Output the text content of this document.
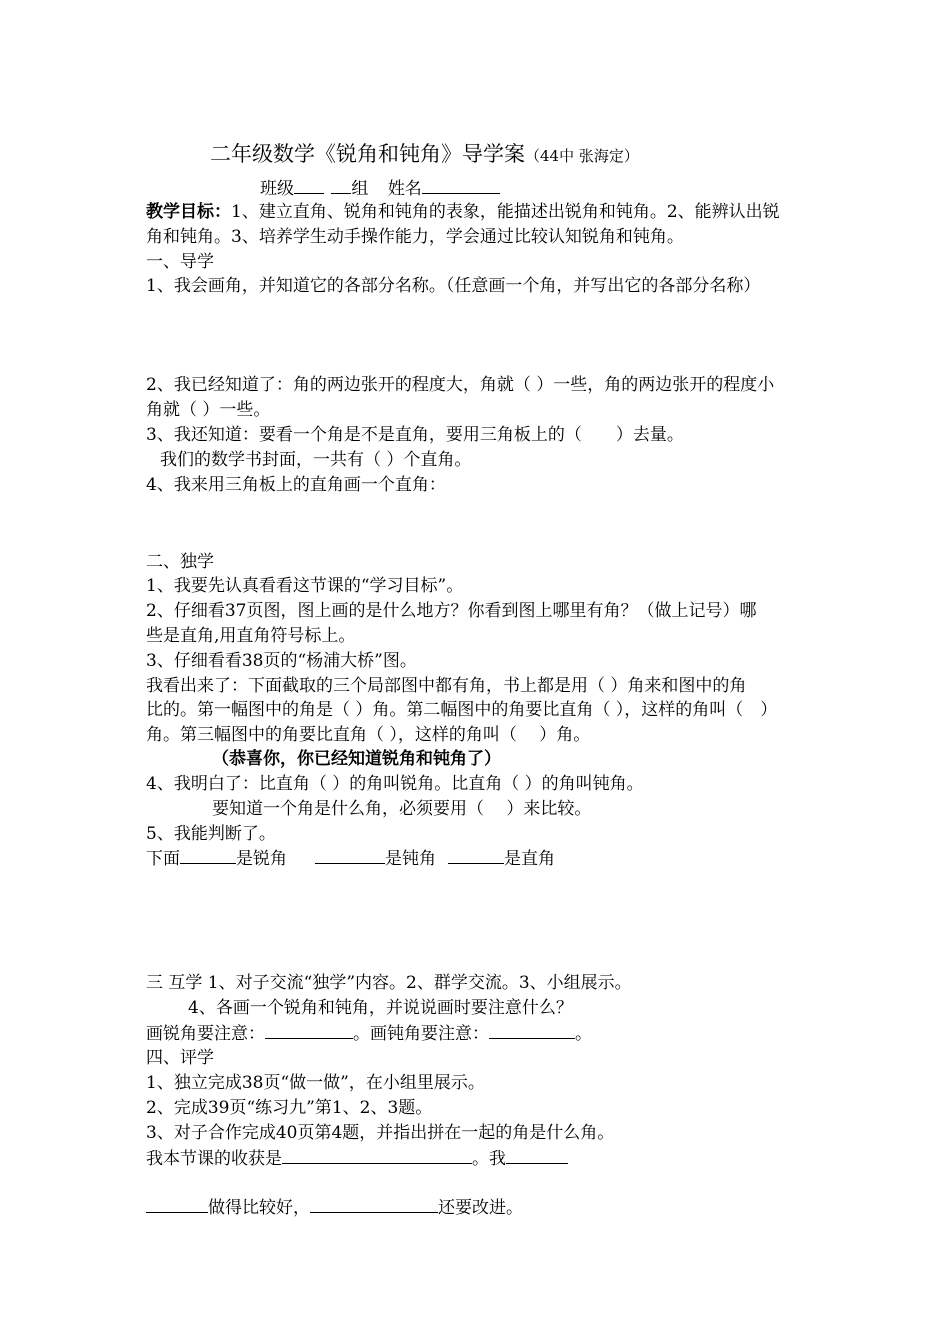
二年级数学《锐角和钝角》导学案（44中 张海定）
班级	组 姓名
教学目标：1、建立直角、锐角和钝角的表象，能描述出锐角和钝角。2、能辨认出锐
角和钝角。3、培养学生动手操作能力，学会通过比较认知锐角和钝角。
一、导学
1、我会画角，并知道它的各部分名称。（任意画一个角，并写出它的各部分名称）
2、我已经知道了：角的两边张开的程度大，角就（ ）一些，角的两边张开的程度小
角就（ ）一些。
3、我还知道：要看一个角是不是直角，要用三角板上的（　　）去量。
我们的数学书封面，一共有（ ）个直角。
4、我来用三角板上的直角画一个直角：
二、独学
1、我要先认真看看这节课的“学习目标”。
2、仔细看37页图，图上画的是什么地方？你看到图上哪里有角？（做上记号）哪
些是直角,用直角符号标上。
3、仔细看看38页的“杨浦大桥”图。
我看出来了：下面截取的三个局部图中都有角，书上都是用（ ）角来和图中的角
比的。第一幅图中的角是（ ）角。第二幅图中的角要比直角（ ），这样的角叫（　）
角。第三幅图中的角要比直角（ ），这样的角叫（　 ）角。
（恭喜你，你已经知道锐角和钝角了）
4、我明白了：比直角（ ）的角叫锐角。比直角（ ）的角叫钝角。
要知道一个角是什么角，必须要用（　 ）来比较。
5、我能判断了。
下面	是锐角	是钝角	是直角
三 互学 1、对子交流“独学”内容。2、群学交流。3、小组展示。
4、各画一个锐角和钝角，并说说画时要注意什么？
画锐角要注意：	。画钝角要注意：	。
四、评学
1、独立完成38页“做一做”，在小组里展示。
2、完成39页“练习九”第1、2、3题。
3、对子合作完成40页第4题，并指出拼在一起的角是什么角。
我本节课的收获是	。我
做得比较好，	还要改进。
